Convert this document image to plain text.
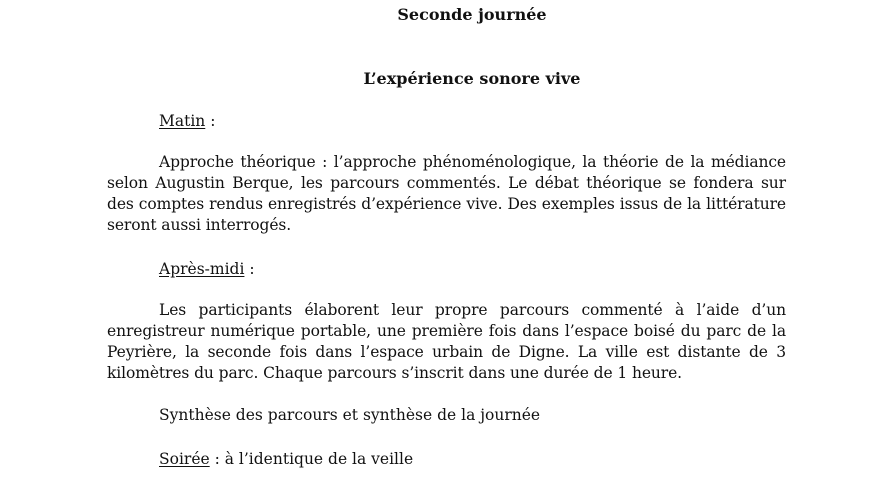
Seconde journée
L’expérience sonore vive
Matin :
Approche théorique : l’approche phénoménologique, la théorie de la médiance selon Augustin Berque, les parcours commentés. Le débat théorique se fondera sur des comptes rendus enregistrés d’expérience vive. Des exemples issus de la littérature seront aussi interrogés.
Après-midi :
Les participants élaborent leur propre parcours commenté à l’aide d’un enregistreur numérique portable, une première fois dans l’espace boisé du parc de la Peyrière, la seconde fois dans l’espace urbain de Digne. La ville est distante de 3 kilomètres du parc. Chaque parcours s’inscrit dans une durée de 1 heure.
Synthèse des parcours et synthèse de la journée
Soirée : à l’identique de la veille
